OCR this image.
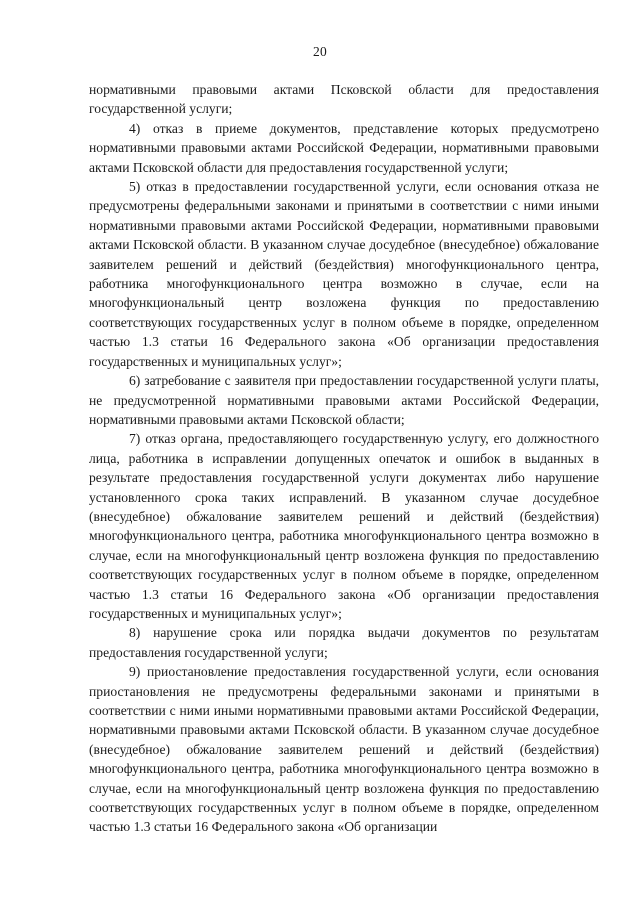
20

нормативными правовыми актами Псковской области для предоставления государственной услуги;

4) отказ в приеме документов, представление которых предусмотрено нормативными правовыми актами Российской Федерации, нормативными правовыми актами Псковской области для предоставления государственной услуги;

5) отказ в предоставлении государственной услуги, если основания отказа не предусмотрены федеральными законами и принятыми в соответствии с ними иными нормативными правовыми актами Российской Федерации, нормативными правовыми актами Псковской области. В указанном случае досудебное (внесудебное) обжалование заявителем решений и действий (бездействия) многофункционального центра, работника многофункционального центра возможно в случае, если на многофункциональный центр возложена функция по предоставлению соответствующих государственных услуг в полном объеме в порядке, определенном частью 1.3 статьи 16 Федерального закона «Об организации предоставления государственных и муниципальных услуг»;

6) затребование с заявителя при предоставлении государственной услуги платы, не предусмотренной нормативными правовыми актами Российской Федерации, нормативными правовыми актами Псковской области;

7) отказ органа, предоставляющего государственную услугу, его должностного лица, работника в исправлении допущенных опечаток и ошибок в выданных в результате предоставления государственной услуги документах либо нарушение установленного срока таких исправлений. В указанном случае досудебное (внесудебное) обжалование заявителем решений и действий (бездействия) многофункционального центра, работника многофункционального центра возможно в случае, если на многофункциональный центр возложена функция по предоставлению соответствующих государственных услуг в полном объеме в порядке, определенном частью 1.3 статьи 16 Федерального закона «Об организации предоставления государственных и муниципальных услуг»;

8) нарушение срока или порядка выдачи документов по результатам предоставления государственной услуги;

9) приостановление предоставления государственной услуги, если основания приостановления не предусмотрены федеральными законами и принятыми в соответствии с ними иными нормативными правовыми актами Российской Федерации, нормативными правовыми актами Псковской области. В указанном случае досудебное (внесудебное) обжалование заявителем решений и действий (бездействия) многофункционального центра, работника многофункционального центра возможно в случае, если на многофункциональный центр возложена функция по предоставлению соответствующих государственных услуг в полном объеме в порядке, определенном частью 1.3 статьи 16 Федерального закона «Об организации
